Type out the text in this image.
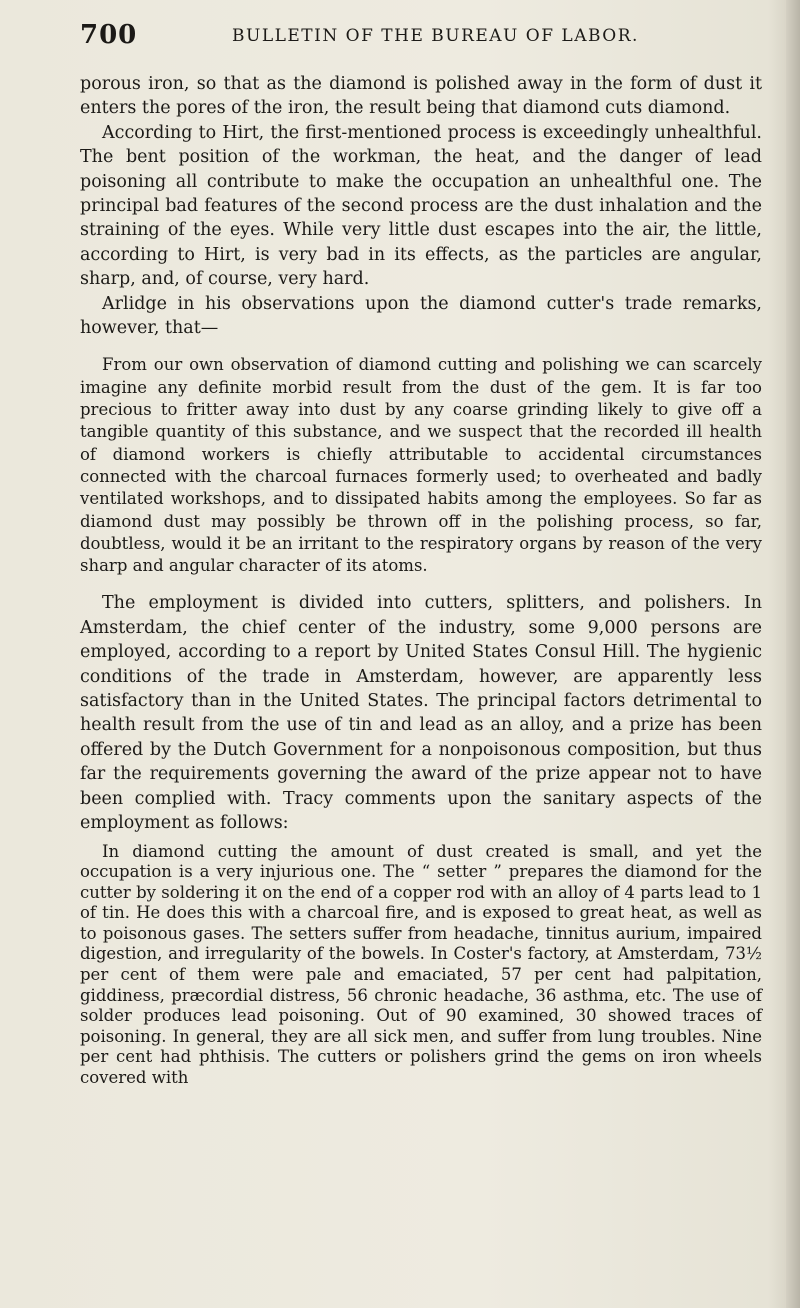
700	BULLETIN OF THE BUREAU OF LABOR.

porous iron, so that as the diamond is polished away in the form of dust it enters the pores of the iron, the result being that diamond cuts diamond.

According to Hirt, the first-mentioned process is exceedingly unhealthful. The bent position of the workman, the heat, and the danger of lead poisoning all contribute to make the occupation an unhealthful one. The principal bad features of the second process are the dust inhalation and the straining of the eyes. While very little dust escapes into the air, the little, according to Hirt, is very bad in its effects, as the particles are angular, sharp, and, of course, very hard.

Arlidge in his observations upon the diamond cutter's trade remarks, however, that—

From our own observation of diamond cutting and polishing we can scarcely imagine any definite morbid result from the dust of the gem. It is far too precious to fritter away into dust by any coarse grinding likely to give off a tangible quantity of this substance, and we suspect that the recorded ill health of diamond workers is chiefly attributable to accidental circumstances connected with the charcoal furnaces formerly used; to overheated and badly ventilated workshops, and to dissipated habits among the employees. So far as diamond dust may possibly be thrown off in the polishing process, so far, doubtless, would it be an irritant to the respiratory organs by reason of the very sharp and angular character of its atoms.

The employment is divided into cutters, splitters, and polishers. In Amsterdam, the chief center of the industry, some 9,000 persons are employed, according to a report by United States Consul Hill. The hygienic conditions of the trade in Amsterdam, however, are apparently less satisfactory than in the United States. The principal factors detrimental to health result from the use of tin and lead as an alloy, and a prize has been offered by the Dutch Government for a nonpoisonous composition, but thus far the requirements governing the award of the prize appear not to have been complied with. Tracy comments upon the sanitary aspects of the employment as follows:

In diamond cutting the amount of dust created is small, and yet the occupation is a very injurious one. The “ setter ” prepares the diamond for the cutter by soldering it on the end of a copper rod with an alloy of 4 parts lead to 1 of tin. He does this with a charcoal fire, and is exposed to great heat, as well as to poisonous gases. The setters suffer from headache, tinnitus aurium, impaired digestion, and irregularity of the bowels. In Coster's factory, at Amsterdam, 73½ per cent of them were pale and emaciated, 57 per cent had palpitation, giddiness, præcordial distress, 56 chronic headache, 36 asthma, etc. The use of solder produces lead poisoning. Out of 90 examined, 30 showed traces of poisoning. In general, they are all sick men, and suffer from lung troubles. Nine per cent had phthisis. The cutters or polishers grind the gems on iron wheels covered with
